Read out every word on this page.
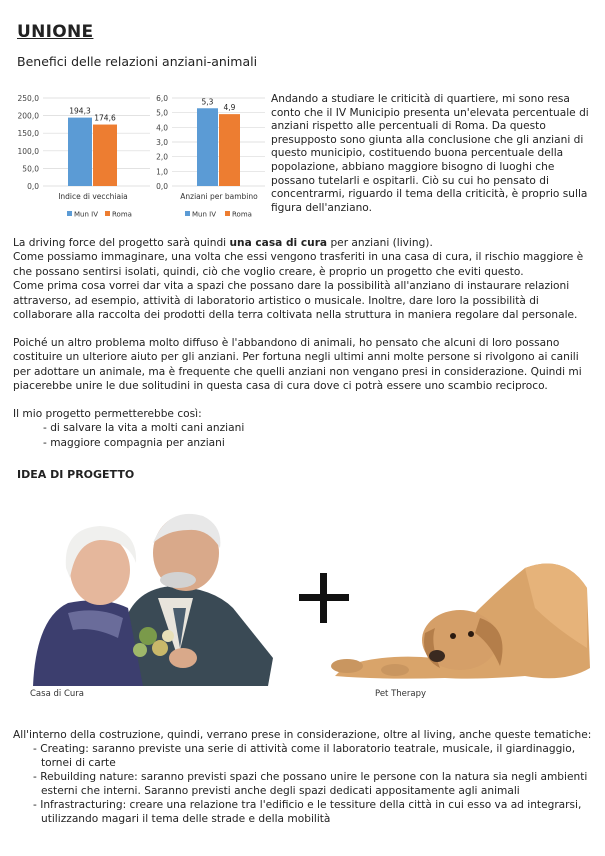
UNIONE
Benefici delle relazioni anziani-animali
0,0
50,0
100,0
150,0
200,0
250,0
194,3
174,6
Indice di vecchiaia
Mun IV Roma
0,0
1,0
2,0
3,0
4,0
5,0
6,0	5,3
4,9
Anziani per bambino
Mun IV Roma
Andando a studiare le criticità di quartiere, mi sono resa conto che il IV Municipio presenta un'elevata percentuale di anziani rispetto alle percentuali di Roma. Da questo presupposto sono giunta alla conclusione che gli anziani di questo municipio, costituendo buona percentuale della popolazione, abbiano maggiore bisogno di luoghi che possano tutelarli e ospitarli. Ciò su cui ho pensato di concentrarmi, riguardo il tema della criticità, è proprio sulla figura dell'anziano.
La driving force del progetto sarà quindi una casa di cura per anziani (living).
Come possiamo immaginare, una volta che essi vengono trasferiti in una casa di cura, il rischio maggiore è che possano sentirsi isolati, quindi, ciò che voglio creare, è proprio un progetto che eviti questo.
Come prima cosa vorrei dar vita a spazi che possano dare la possibilità all'anziano di instaurare relazioni attraverso, ad esempio, attività di laboratorio artistico o musicale. Inoltre, dare loro la possibilità di collaborare alla raccolta dei prodotti della terra coltivata nella struttura in maniera regolare dal personale.
Poiché un altro problema molto diffuso è l'abbandono di animali, ho pensato che alcuni di loro possano costituire un ulteriore aiuto per gli anziani. Per fortuna negli ultimi anni molte persone si rivolgono ai canili per adottare un animale, ma è frequente che quelli anziani non vengano presi in considerazione. Quindi mi piacerebbe unire le due solitudini in questa casa di cura dove ci potrà essere uno scambio reciproco.
Il mio progetto permetterebbe così:
- di salvare la vita a molti cani anziani
- maggiore compagnia per anziani
IDEA DI PROGETTO
Casa di Cura	Pet Therapy
All'interno della costruzione, quindi, verrano prese in considerazione, oltre al living, anche queste tematiche:
- Creating: saranno previste una serie di attività come il laboratorio teatrale, musicale, il giardinaggio, tornei di carte
- Rebuilding nature: saranno previsti spazi che possano unire le persone con la natura sia negli ambienti esterni che interni. Saranno previsti anche degli spazi dedicati appositamente agli animali
- Infrastracturing: creare una relazione tra l'edificio e le tessiture della città in cui esso va ad integrarsi, utilizzando magari il tema delle strade e della mobilità
